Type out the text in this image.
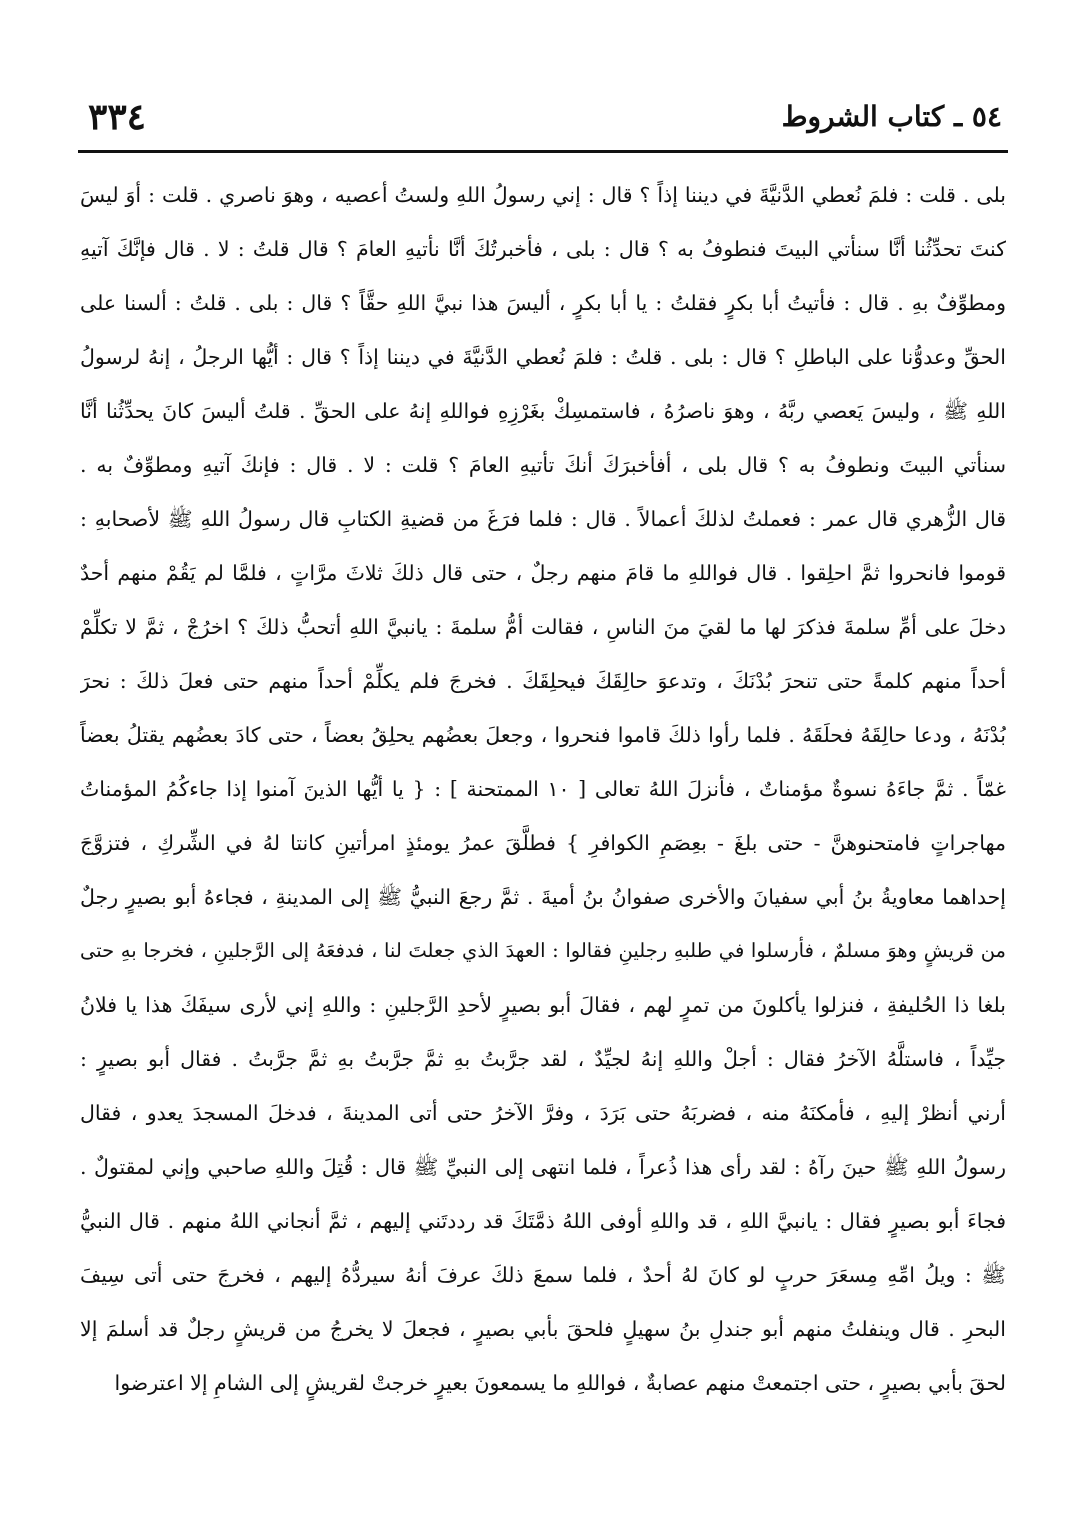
٣٣٤	٥٤ ـ كتاب الشروط
بلى . قلت : فلمَ نُعطي الدَّنيَّةَ في ديننا إذاً ؟ قال : إني رسولُ اللهِ ولستُ أعصيه ، وهوَ ناصري . قلت : أوَ ليسَ
كنتَ تحدِّثُنا أنَّا سنأتي البيتَ فنطوفُ به ؟ قال : بلى ، فأخبرتُكَ أنَّا نأتيهِ العامَ ؟ قال قلتُ : لا . قال فإنَّكَ آتيهِ
ومطوِّفٌ بهِ . قال : فأتيتُ أبا بكرٍ فقلتُ : يا أبا بكرٍ ، أليسَ هذا نبيَّ اللهِ حقَّاً ؟ قال : بلى . قلتُ : ألسنا على
الحقِّ وعدوُّنا على الباطلِ ؟ قال : بلى . قلتُ : فلمَ نُعطي الدَّنيَّةَ في ديننا إذاً ؟ قال : أيُّها الرجلُ ، إنهُ لرسولُ
اللهِ ﷺ ، وليسَ يَعصي ربَّهُ ، وهوَ ناصرُهُ ، فاستمسِكْ بغَرْزِهِ فواللهِ إنهُ على الحقِّ . قلتُ أليسَ كانَ يحدِّثُنا أنَّا
سنأتي البيتَ ونطوفُ به ؟ قال بلى ، أفأخبرَكَ أنكَ تأتيهِ العامَ ؟ قلت : لا . قال : فإنكَ آتيهِ ومطوِّفٌ به .
قال الزُّهري قال عمر : فعملتُ لذلكَ أعمالاً . قال : فلما فرَغَ من قضيةِ الكتابِ قال رسولُ اللهِ ﷺ لأصحابهِ :
قوموا فانحروا ثمَّ احلِقوا . قال فواللهِ ما قامَ منهم رجلٌ ، حتى قال ذلكَ ثلاثَ مرَّاتٍ ، فلمَّا لم يَقُمْ منهم أحدٌ
دخلَ على أمِّ سلمةَ فذكرَ لها ما لقيَ منَ الناسِ ، فقالت أمُّ سلمةَ : يانبيَّ اللهِ أتحبُّ ذلكَ ؟ اخرُجْ ، ثمَّ لا تكلِّمْ
أحداً منهم كلمةً حتى تنحرَ بُدْنَكَ ، وتدعوَ حالِقَكَ فيحلِقَكَ . فخرجَ فلم يكلِّمْ أحداً منهم حتى فعلَ ذلكَ : نحرَ
بُدْنَهُ ، ودعا حالِقَهُ فحلَقَهُ . فلما رأوا ذلكَ قاموا فنحروا ، وجعلَ بعضُهم يحلِقُ بعضاً ، حتى كادَ بعضُهم يقتلُ بعضاً
غمّاً . ثمَّ جاءَهُ نسوةٌ مؤمناتٌ ، فأنزلَ اللهُ تعالى [ ١٠ الممتحنة ] : { يا أيُّها الذينَ آمنوا إذا جاءكُمُ المؤمناتُ
مهاجراتٍ فامتحنوهنَّ - حتى بلغَ - بعِصَمِ الكوافرِ } فطلَّقَ عمرُ يومئذٍ امرأتينِ كانتا لهُ في الشِّركِ ، فتزوَّجَ
إحداهما معاويةُ بنُ أبي سفيانَ والأخرى صفوانُ بنُ أميةَ . ثمَّ رجعَ النبيُّ ﷺ إلى المدينةِ ، فجاءهُ أبو بصيرٍ رجلٌ
من قريشٍ وهوَ مسلمٌ ، فأرسلوا في طلبهِ رجلينِ فقالوا : العهدَ الذي جعلتَ لنا ، فدفعَهُ إلى الرَّجلينِ ، فخرجا بهِ حتى
بلغا ذا الحُليفةِ ، فنزلوا يأكلونَ من تمرٍ لهم ، فقالَ أبو بصيرٍ لأحدِ الرَّجلينِ : واللهِ إني لأرى سيفَكَ هذا يا فلانُ
جيِّداً ، فاستلَّهُ الآخرُ فقال : أجلْ واللهِ إنهُ لجيِّدٌ ، لقد جرَّبتُ بهِ ثمَّ جرَّبتُ بهِ ثمَّ جرَّبتُ . فقال أبو بصيرٍ :
أرني أنظرْ إليهِ ، فأمكنَهُ منه ، فضربَهُ حتى بَرَدَ ، وفرَّ الآخرُ حتى أتى المدينةَ ، فدخلَ المسجدَ يعدو ، فقال
رسولُ اللهِ ﷺ حينَ رآهُ : لقد رأى هذا ذُعراً ، فلما انتهى إلى النبيِّ ﷺ قال : قُتِلَ واللهِ صاحبي وإني لمقتولٌ .
فجاءَ أبو بصيرٍ فقال : يانبيَّ اللهِ ، قد واللهِ أوفى اللهُ ذمَّتَكَ قد رددتَني إليهم ، ثمَّ أنجاني اللهُ منهم . قال النبيُّ
ﷺ : ويلُ امِّهِ مِسعَرَ حربٍ لو كانَ لهُ أحدٌ ، فلما سمعَ ذلكَ عرفَ أنهُ سيردُّهُ إليهم ، فخرجَ حتى أتى سِيفَ
البحرِ . قال وينفلتُ منهم أبو جندلِ بنُ سهيلٍ فلحقَ بأبي بصيرٍ ، فجعلَ لا يخرجُ من قريشٍ رجلٌ قد أسلمَ إلا
لحقَ بأبي بصيرٍ ، حتى اجتمعتْ منهم عصابةٌ ، فواللهِ ما يسمعونَ بعيرٍ خرجتْ لقريشٍ إلى الشامِ إلا اعترضوا
